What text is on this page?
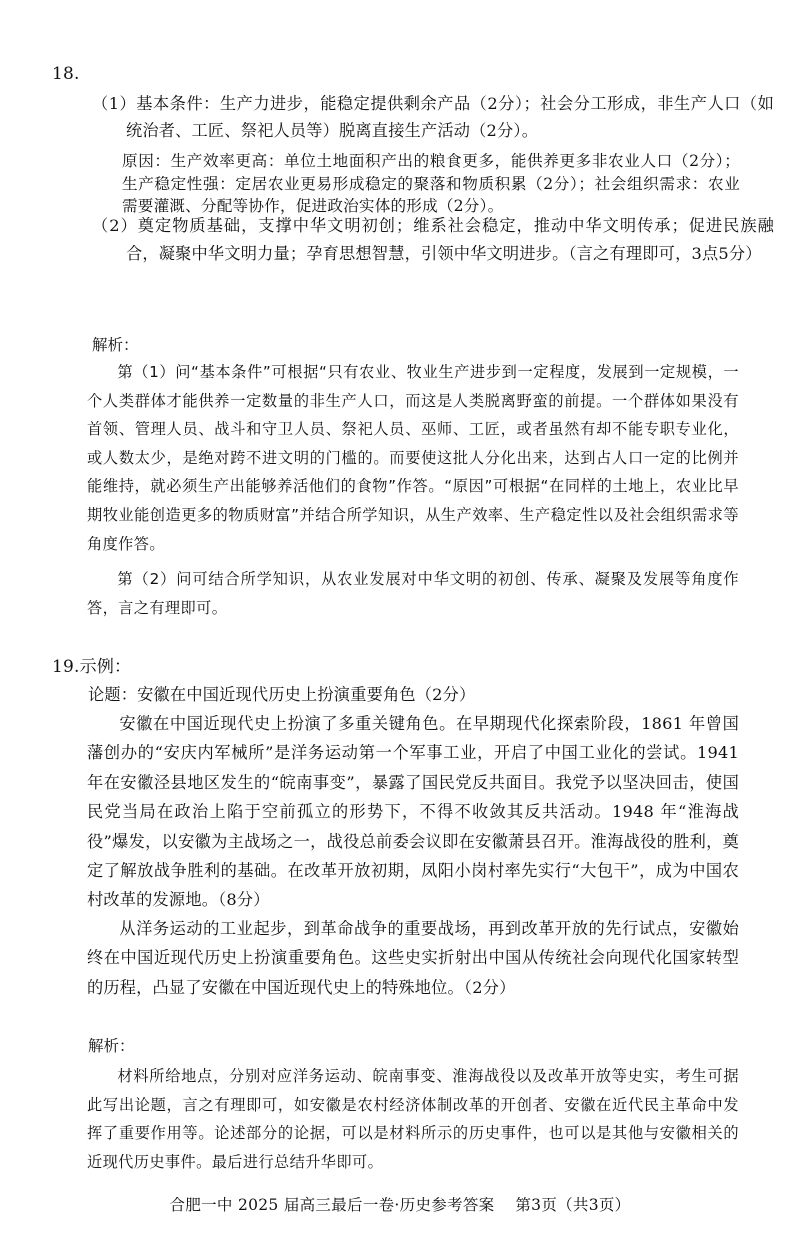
18.
（1）基本条件：生产力进步，能稳定提供剩余产品（2分）；社会分工形成，非生产人口（如统治者、工匠、祭祀人员等）脱离直接生产活动（2分）。
原因：生产效率更高：单位土地面积产出的粮食更多，能供养更多非农业人口（2分）；生产稳定性强：定居农业更易形成稳定的聚落和物质积累（2分）；社会组织需求：农业需要灌溉、分配等协作，促进政治实体的形成（2分）。
（2）奠定物质基础，支撑中华文明初创；维系社会稳定，推动中华文明传承；促进民族融合，凝聚中华文明力量；孕育思想智慧，引领中华文明进步。（言之有理即可，3点5分）
解析：
第（1）问“基本条件”可根据“只有农业、牧业生产进步到一定程度，发展到一定规模，一个人类群体才能供养一定数量的非生产人口，而这是人类脱离野蛮的前提。一个群体如果没有首领、管理人员、战斗和守卫人员、祭祀人员、巫师、工匠，或者虽然有却不能专职专业化，或人数太少，是绝对跨不进文明的门槛的。而要使这批人分化出来，达到占人口一定的比例并能维持，就必须生产出能够养活他们的食物”作答。“原因”可根据“在同样的土地上，农业比早期牧业能创造更多的物质财富”并结合所学知识，从生产效率、生产稳定性以及社会组织需求等角度作答。
第（2）问可结合所学知识，从农业发展对中华文明的初创、传承、凝聚及发展等角度作答，言之有理即可。
19.示例：
论题：安徽在中国近现代历史上扮演重要角色（2分）
安徽在中国近现代史上扮演了多重关键角色。在早期现代化探索阶段，1861 年曾国藩创办的“安庆内军械所”是洋务运动第一个军事工业，开启了中国工业化的尝试。1941 年在安徽泾县地区发生的“皖南事变”，暴露了国民党反共面目。我党予以坚决回击，使国民党当局在政治上陷于空前孤立的形势下，不得不收敛其反共活动。1948 年“淮海战役”爆发，以安徽为主战场之一，战役总前委会议即在安徽萧县召开。淮海战役的胜利，奠定了解放战争胜利的基础。在改革开放初期，凤阳小岗村率先实行“大包干”，成为中国农村改革的发源地。（8分）
从洋务运动的工业起步，到革命战争的重要战场，再到改革开放的先行试点，安徽始终在中国近现代历史上扮演重要角色。这些史实折射出中国从传统社会向现代化国家转型的历程，凸显了安徽在中国近现代史上的特殊地位。（2分）
解析：
材料所给地点，分别对应洋务运动、皖南事变、淮海战役以及改革开放等史实，考生可据此写出论题，言之有理即可，如安徽是农村经济体制改革的开创者、安徽在近代民主革命中发挥了重要作用等。论述部分的论据，可以是材料所示的历史事件，也可以是其他与安徽相关的近现代历史事件。最后进行总结升华即可。
合肥一中 2025 届高三最后一卷·历史参考答案    第3页（共3页）
